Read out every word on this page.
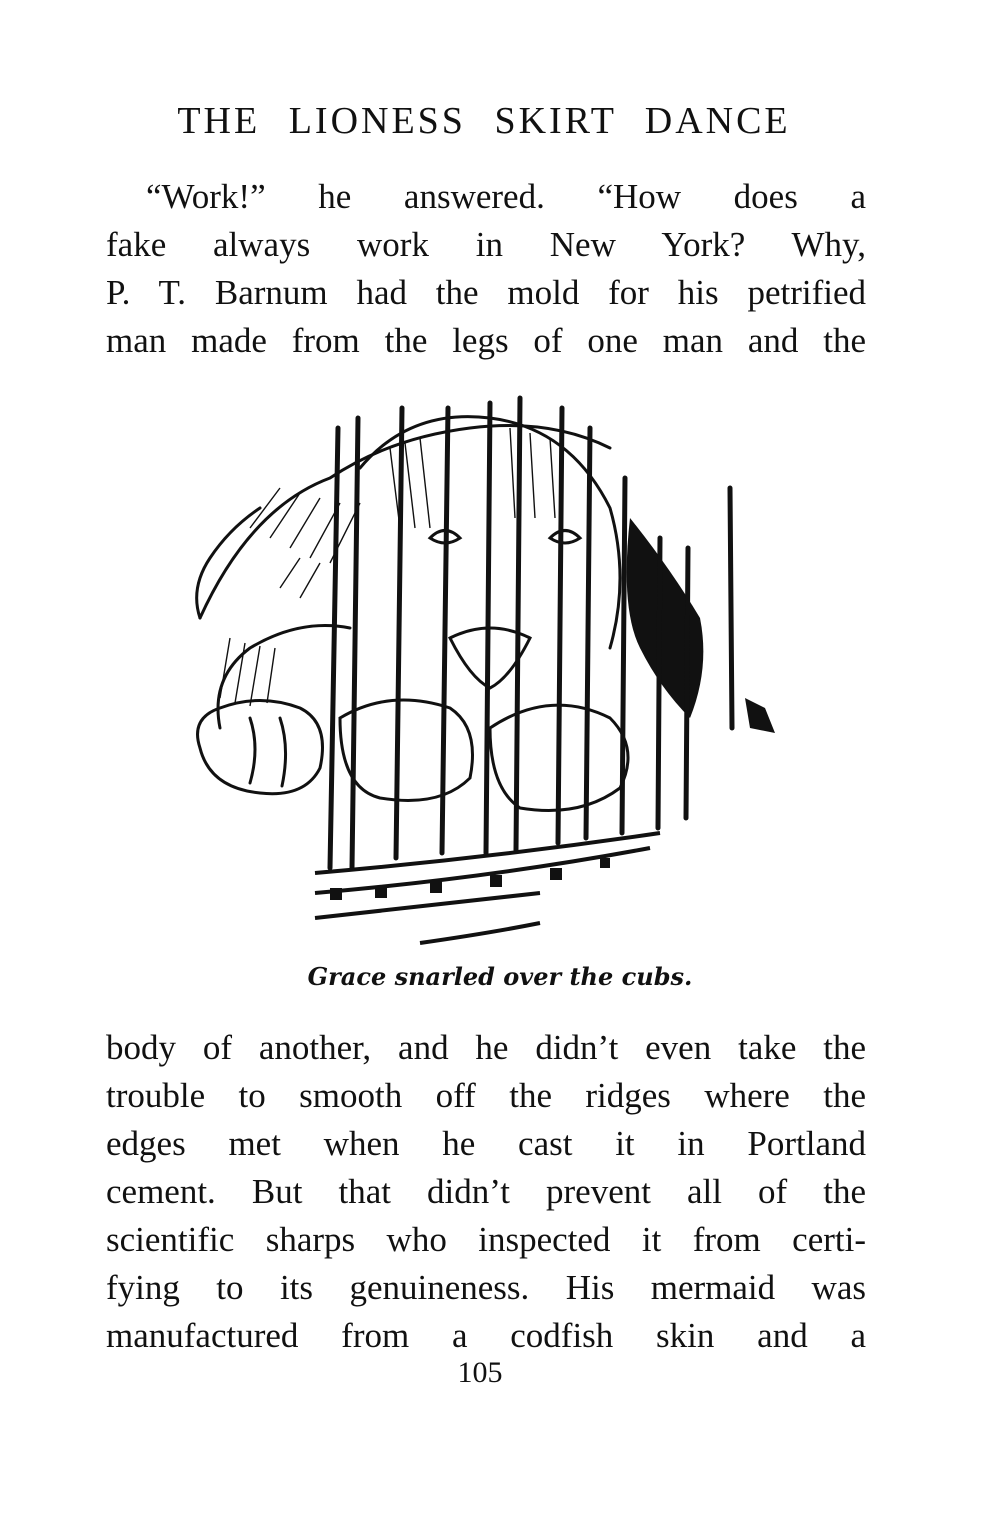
THE LIONESS SKIRT DANCE
“Work!” he answered. “How does a
fake always work in New York? Why,
P. T. Barnum had the mold for his petrified
man made from the legs of one man and the
Grace snarled over the cubs.
body of another, and he didn’t even take the
trouble to smooth off the ridges where the
edges met when he cast it in Portland
cement. But that didn’t prevent all of the
scientific sharps who inspected it from certi-
fying to its genuineness. His mermaid was
manufactured from a codfish skin and a
105
